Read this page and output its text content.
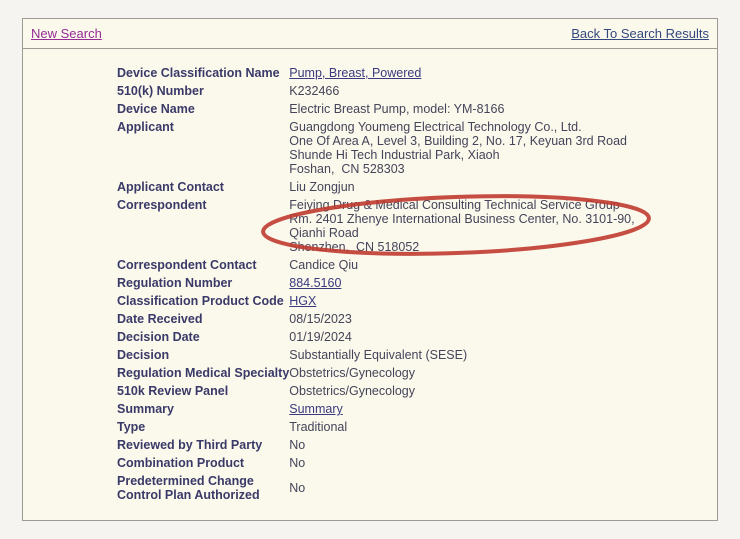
New Search	Back To Search Results
Device Classification Name	Pump, Breast, Powered

510(k) Number	K232466

Device Name	Electric Breast Pump, model: YM-8166

Applicant	Guangdong Youmeng Electrical Technology Co., Ltd.
One Of Area A, Level 3, Building 2, No. 17, Keyuan 3rd Road
Shunde Hi Tech Industrial Park, Xiaoh
Foshan,  CN 528303

Applicant Contact	Liu Zongjun

Correspondent	Feiying Drug & Medical Consulting Technical Service Group
Rm. 2401 Zhenye International Business Center, No. 3101-90,
Qianhi Road
Shenzhen,  CN 518052

Correspondent Contact	Candice Qiu

Regulation Number	884.5160

Classification Product Code	HGX

Date Received	08/15/2023

Decision Date	01/19/2024

Decision	Substantially Equivalent (SESE)

Regulation Medical Specialty	Obstetrics/Gynecology

510k Review Panel	Obstetrics/Gynecology

Summary	Summary

Type	Traditional

Reviewed by Third Party	No

Combination Product	No

Predetermined Change
Control Plan Authorized	No
